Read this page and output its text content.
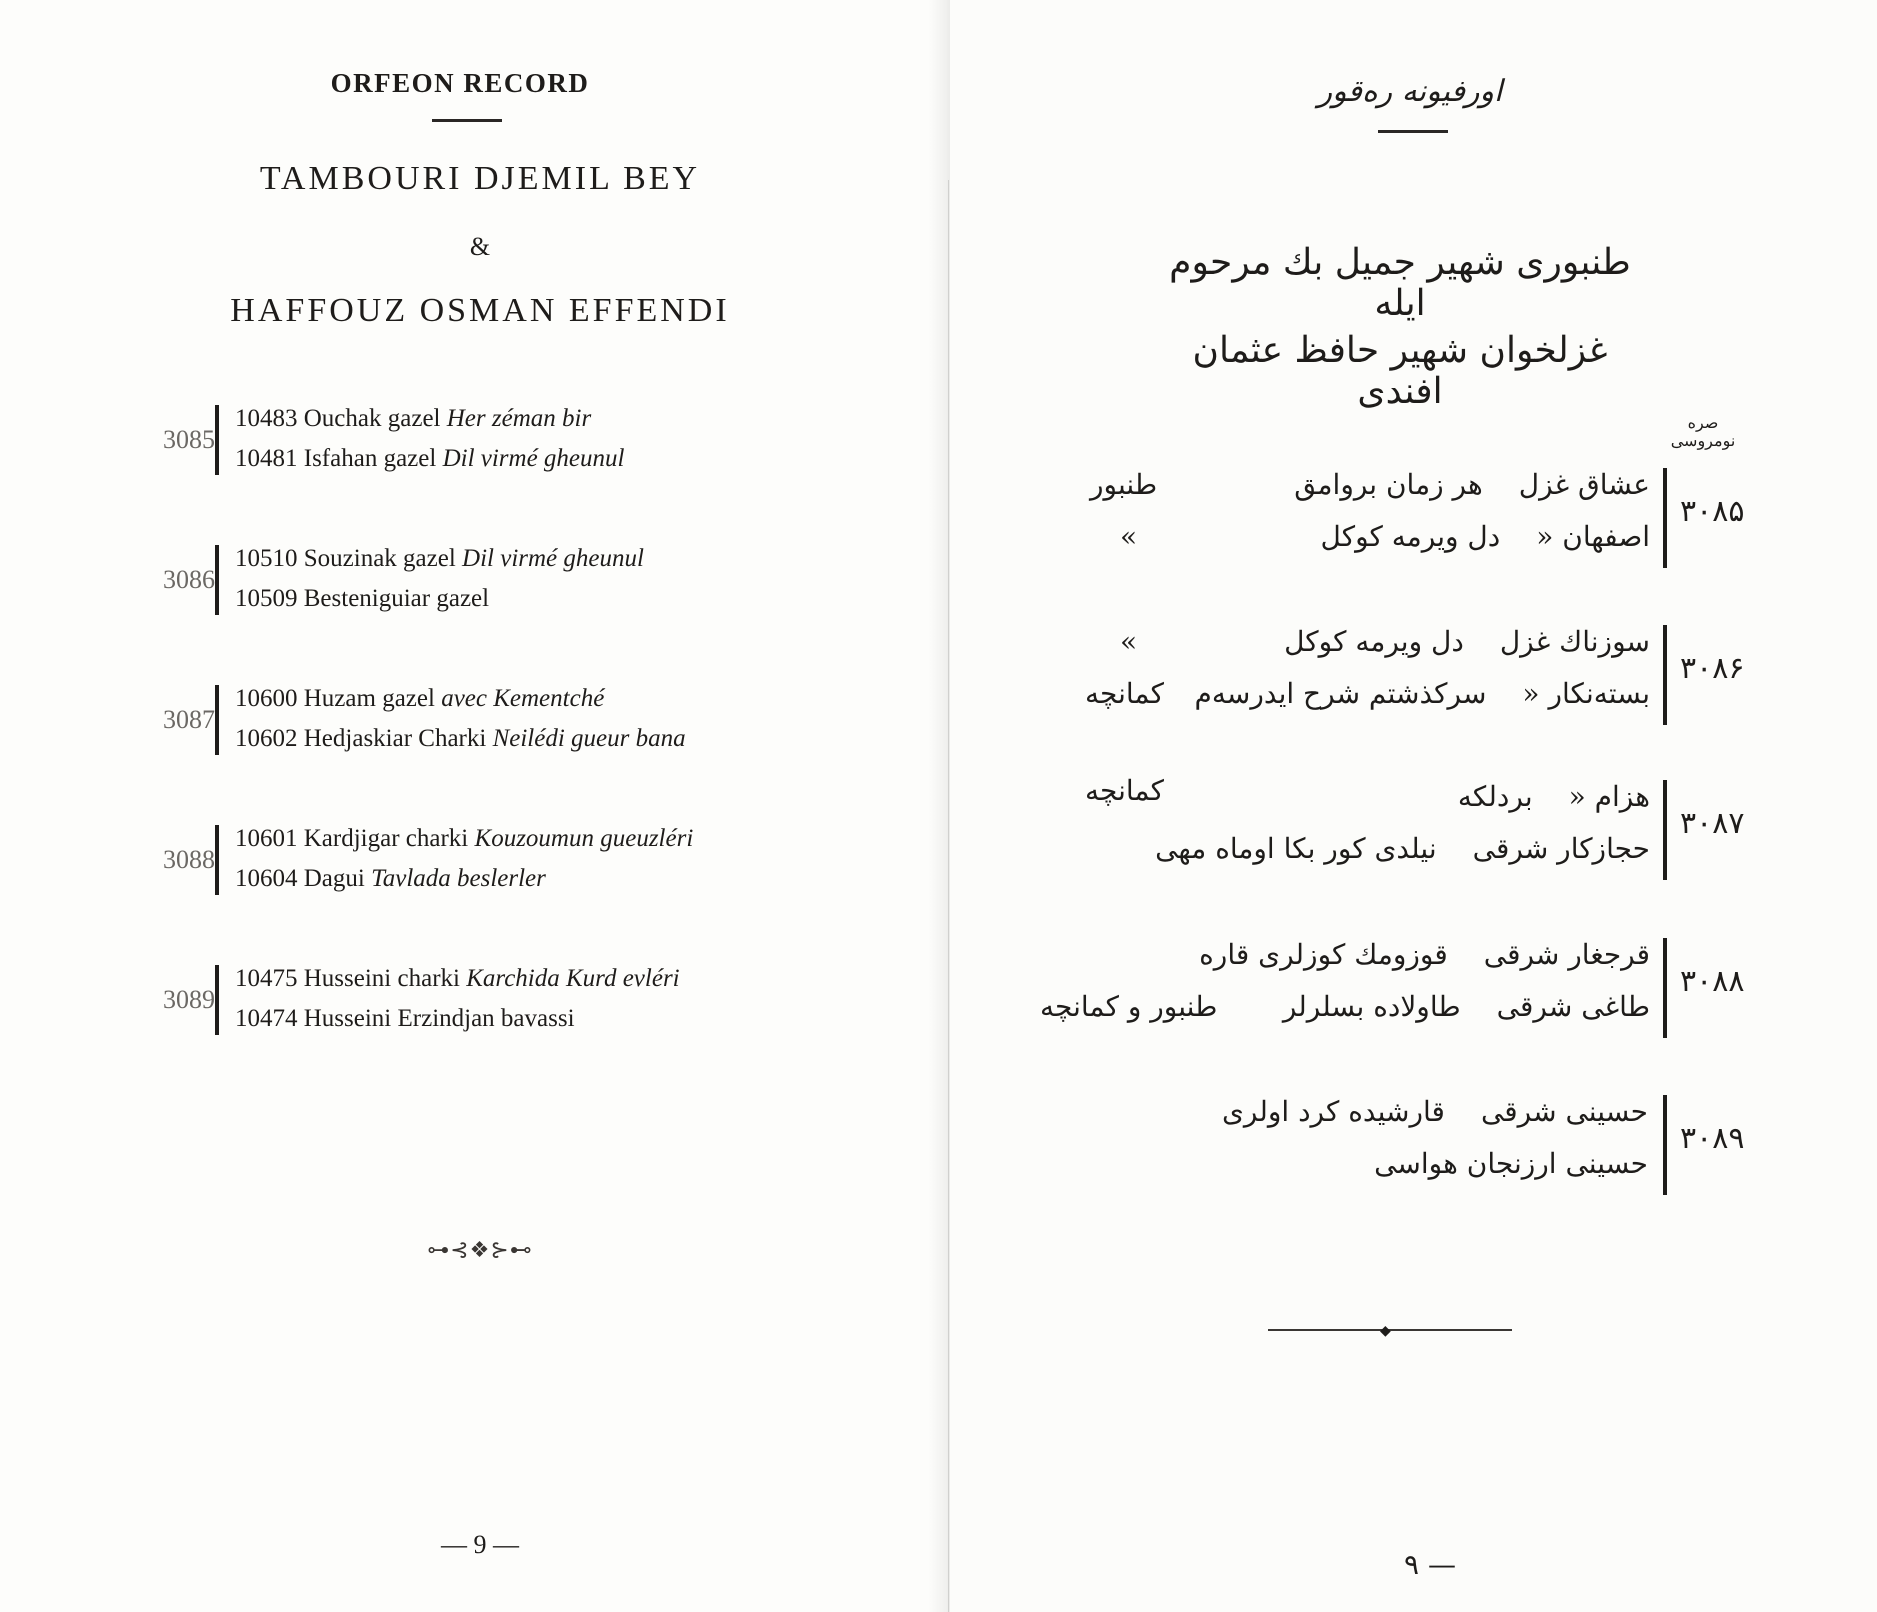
ORFEON RECORD
TAMBOURI DJEMIL BEY
&
HAFFOUZ OSMAN EFFENDI
3085
10483 Ouchak gazel Her zéman bir
10481 Isfahan gazel Dil virmé gheunul
3086
10510 Souzinak gazel Dil virmé gheunul
10509 Besteniguiar gazel
3087
10600 Huzam gazel avec Kementché
10602 Hedjaskiar Charki Neilédi gueur bana
3088
10601 Kardjigar charki Kouzoumun gueuzléri
10604 Dagui Tavlada beslerler
3089
10475 Husseini charki Karchida Kurd evléri
10474 Husseini Erzindjan bavassi
⊶⊰❖⊱⊷
— 9 —
اورفیونه ره‌قور
طنبوری شهیر جمیل بك مرحوم ایله
غزلخوان شهیر حافظ عثمان افندی
صره نومروسی
۳۰۸۵
عشاق غزلهر زمان بروامق
اصفهان «دل ویرمه کوکل
طنبور
»
۳۰۸۶
سوزناك غزلدل ویرمه کوکل
بسته‌نکار «سرکذشتم شرح ایدرسه‌م
»
کمانچه
۳۰۸۷
هزام «بردلکه
حجازکار شرقینیلدی کور بکا اوماه مهی
کمانچه
۳۰۸۸
قرجغار شرقیقوزومك کوزلری قاره
طاغی شرقیطاولاده بسلرلر
طنبور و کمانچه
۳۰۸۹
حسینی شرقیقارشیده کرد اولری
حسینی ارزنجان هواسی
◆
٩ —
